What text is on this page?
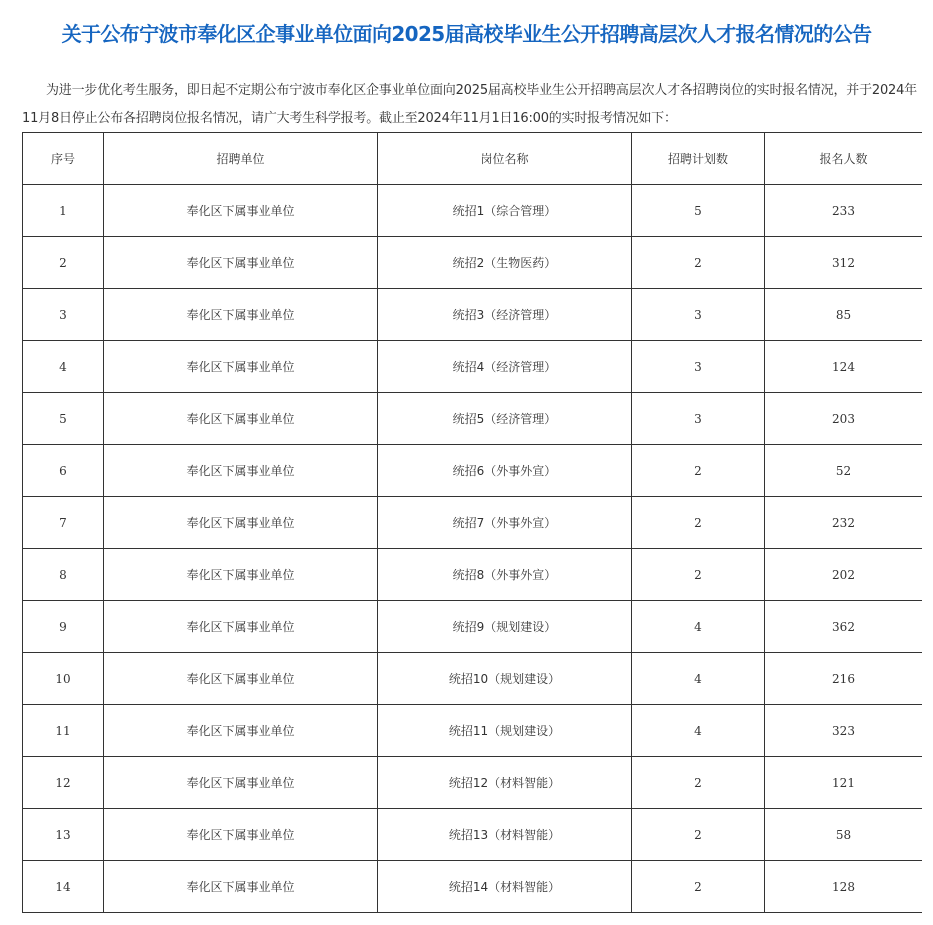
关于公布宁波市奉化区企事业单位面向2025届高校毕业生公开招聘高层次人才报名情况的公告

为进一步优化考生服务，即日起不定期公布宁波市奉化区企事业单位面向2025届高校毕业生公开招聘高层次人才各招聘岗位的实时报名情况，并于2024年11月8日停止公布各招聘岗位报名情况，请广大考生科学报考。截止至2024年11月1日16:00的实时报考情况如下：

序号	招聘单位	岗位名称	招聘计划数	报名人数
1	奉化区下属事业单位	统招1（综合管理）	5	233
2	奉化区下属事业单位	统招2（生物医药）	2	312
3	奉化区下属事业单位	统招3（经济管理）	3	85
4	奉化区下属事业单位	统招4（经济管理）	3	124
5	奉化区下属事业单位	统招5（经济管理）	3	203
6	奉化区下属事业单位	统招6（外事外宣）	2	52
7	奉化区下属事业单位	统招7（外事外宣）	2	232
8	奉化区下属事业单位	统招8（外事外宣）	2	202
9	奉化区下属事业单位	统招9（规划建设）	4	362
10	奉化区下属事业单位	统招10（规划建设）	4	216
11	奉化区下属事业单位	统招11（规划建设）	4	323
12	奉化区下属事业单位	统招12（材料智能）	2	121
13	奉化区下属事业单位	统招13（材料智能）	2	58
14	奉化区下属事业单位	统招14（材料智能）	2	128
